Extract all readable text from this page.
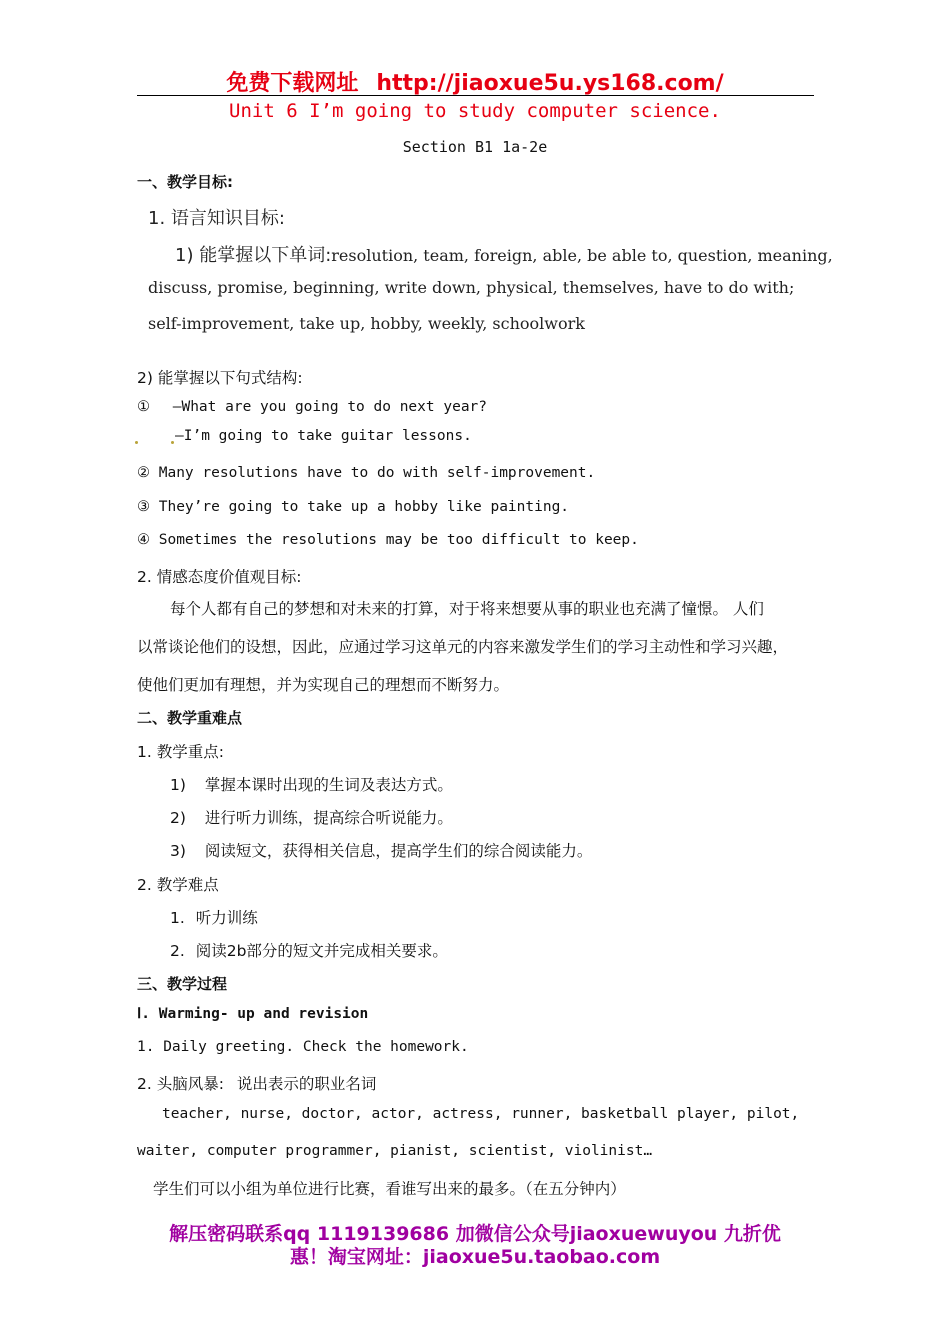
免费下载网址 http://jiaoxue5u.ys168.com/
Unit 6 I’m going to study computer science.
Section B1 1a-2e
一、教学目标:
1. 语言知识目标:
1) 能掌握以下单词:resolution, team, foreign, able, be able to, question, meaning,
discuss, promise, beginning, write down, physical, themselves, have to do with;
self-improvement, take up, hobby, weekly, schoolwork
2) 能掌握以下句式结构:
① —What are you going to do next year?
—I’m going to take guitar lessons.
② Many resolutions have to do with self-improvement.
③ They’re going to take up a hobby like painting.
④ Sometimes the resolutions may be too difficult to keep.
2. 情感态度价值观目标:
每个人都有自己的梦想和对未来的打算，对于将来想要从事的职业也充满了憧憬。 人们
以常谈论他们的设想，因此，应通过学习这单元的内容来激发学生们的学习主动性和学习兴趣，
使他们更加有理想，并为实现自己的理想而不断努力。
二、教学重难点
1. 教学重点:
1) 掌握本课时出现的生词及表达方式。
2) 进行听力训练，提高综合听说能力。
3) 阅读短文，获得相关信息，提高学生们的综合阅读能力。
2. 教学难点
1. 听力训练
2. 阅读2b部分的短文并完成相关要求。
三、教学过程
Ⅰ. Warming- up and revision
1. Daily greeting. Check the homework.
2. 头脑风暴: 说出表示的职业名词
teacher, nurse, doctor, actor, actress, runner, basketball player, pilot,
waiter, computer programmer, pianist, scientist, violinist…
学生们可以小组为单位进行比赛，看谁写出来的最多。（在五分钟内）
解压密码联系qq 1119139686 加微信公众号jiaoxuewuyou 九折优
惠！淘宝网址：jiaoxue5u.taobao.com
